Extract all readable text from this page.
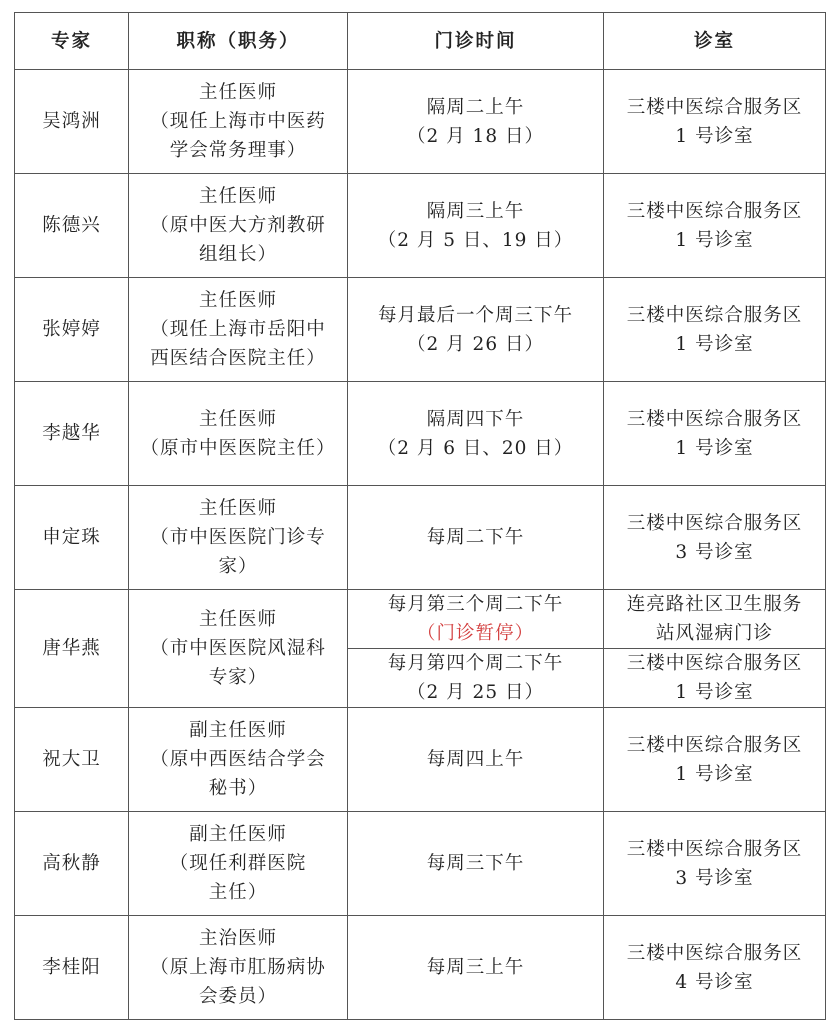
专家	职称（职务）	门诊时间	诊室
吴鸿洲	主任医师
（现任上海市中医药
学会常务理事）	隔周二上午
（2 月 18 日）	三楼中医综合服务区
1 号诊室

陈德兴	主任医师
（原中医大方剂教研
组组长）	隔周三上午
（2 月 5 日、19 日）	三楼中医综合服务区
1 号诊室

张婷婷	主任医师
（现任上海市岳阳中
西医结合医院主任）	每月最后一个周三下午
（2 月 26 日）	三楼中医综合服务区
1 号诊室

李越华	主任医师
（原市中医医院主任）	隔周四下午
（2 月 6 日、20 日）	三楼中医综合服务区
1 号诊室

申定珠	主任医师
（市中医医院门诊专
家）	每周二下午	三楼中医综合服务区
3 号诊室

唐华燕	主任医师
（市中医医院风湿科
专家）	每月第三个周二下午
（门诊暂停）	连亮路社区卫生服务
站风湿病门诊

		每月第四个周二下午
（2 月 25 日）	三楼中医综合服务区
1 号诊室

祝大卫	副主任医师
（原中西医结合学会
秘书）	每周四上午	三楼中医综合服务区
1 号诊室

高秋静	副主任医师
（现任利群医院
主任）	每周三下午	三楼中医综合服务区
3 号诊室

李桂阳	主治医师
（原上海市肛肠病协
会委员）	每周三上午	三楼中医综合服务区
4 号诊室
